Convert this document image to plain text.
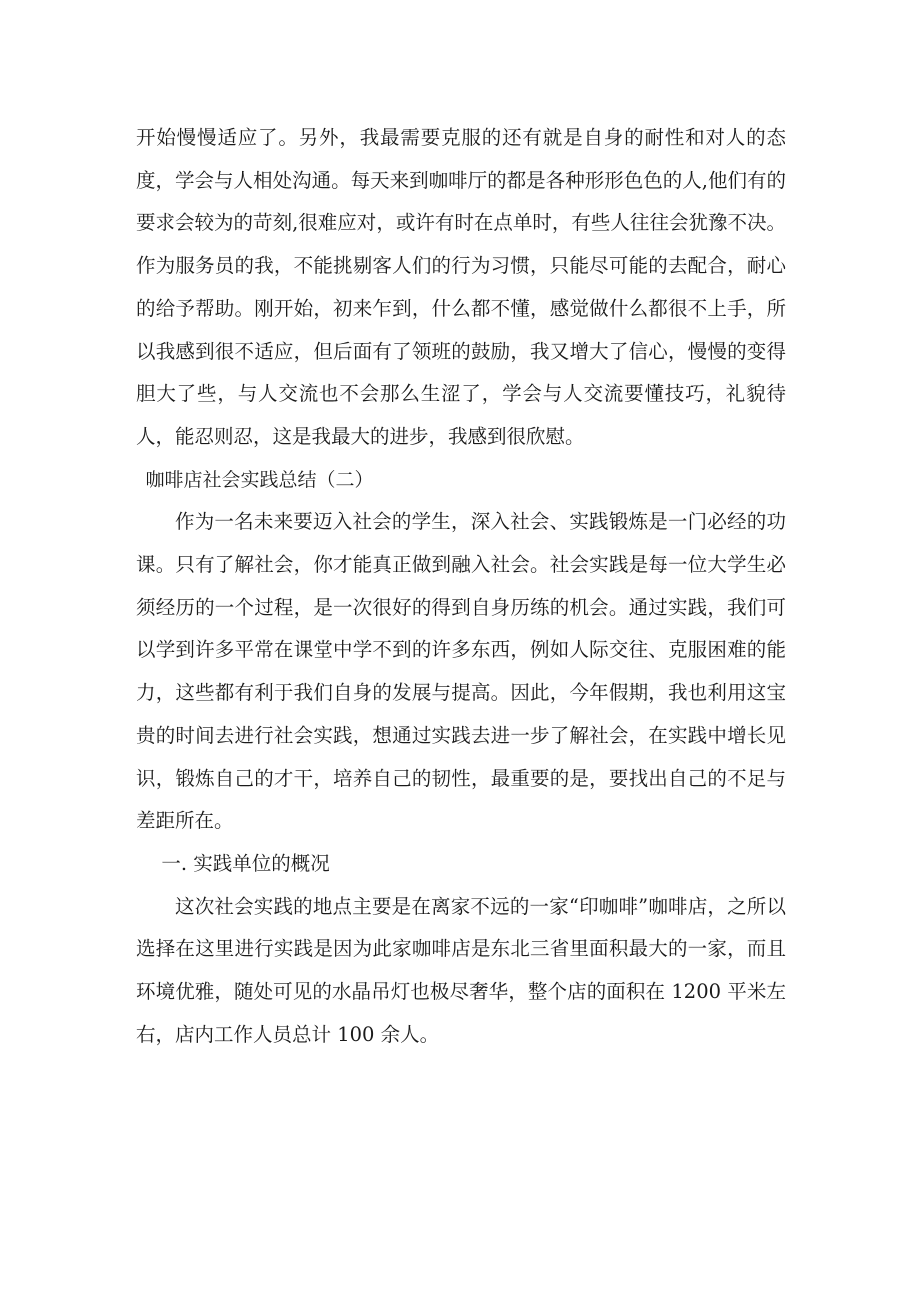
开始慢慢适应了。另外，我最需要克服的还有就是自身的耐性和对人的态度，学会与人相处沟通。每天来到咖啡厅的都是各种形形色色的人,他们有的要求会较为的苛刻,很难应对，或许有时在点单时，有些人往往会犹豫不决。作为服务员的我，不能挑剔客人们的行为习惯，只能尽可能的去配合，耐心的给予帮助。刚开始，初来乍到，什么都不懂，感觉做什么都很不上手，所以我感到很不适应，但后面有了领班的鼓励，我又增大了信心，慢慢的变得胆大了些，与人交流也不会那么生涩了，学会与人交流要懂技巧，礼貌待人，能忍则忍，这是我最大的进步，我感到很欣慰。

咖啡店社会实践总结（二）

作为一名未来要迈入社会的学生，深入社会、实践锻炼是一门必经的功课。只有了解社会，你才能真正做到融入社会。社会实践是每一位大学生必须经历的一个过程，是一次很好的得到自身历练的机会。通过实践，我们可以学到许多平常在课堂中学不到的许多东西，例如人际交往、克服困难的能力，这些都有利于我们自身的发展与提高。因此，今年假期，我也利用这宝贵的时间去进行社会实践，想通过实践去进一步了解社会，在实践中增长见识，锻炼自己的才干，培养自己的韧性，最重要的是，要找出自己的不足与差距所在。

一. 实践单位的概况

这次社会实践的地点主要是在离家不远的一家“印咖啡”咖啡店，之所以选择在这里进行实践是因为此家咖啡店是东北三省里面积最大的一家，而且环境优雅，随处可见的水晶吊灯也极尽奢华，整个店的面积在 1200 平米左右，店内工作人员总计 100 余人。
